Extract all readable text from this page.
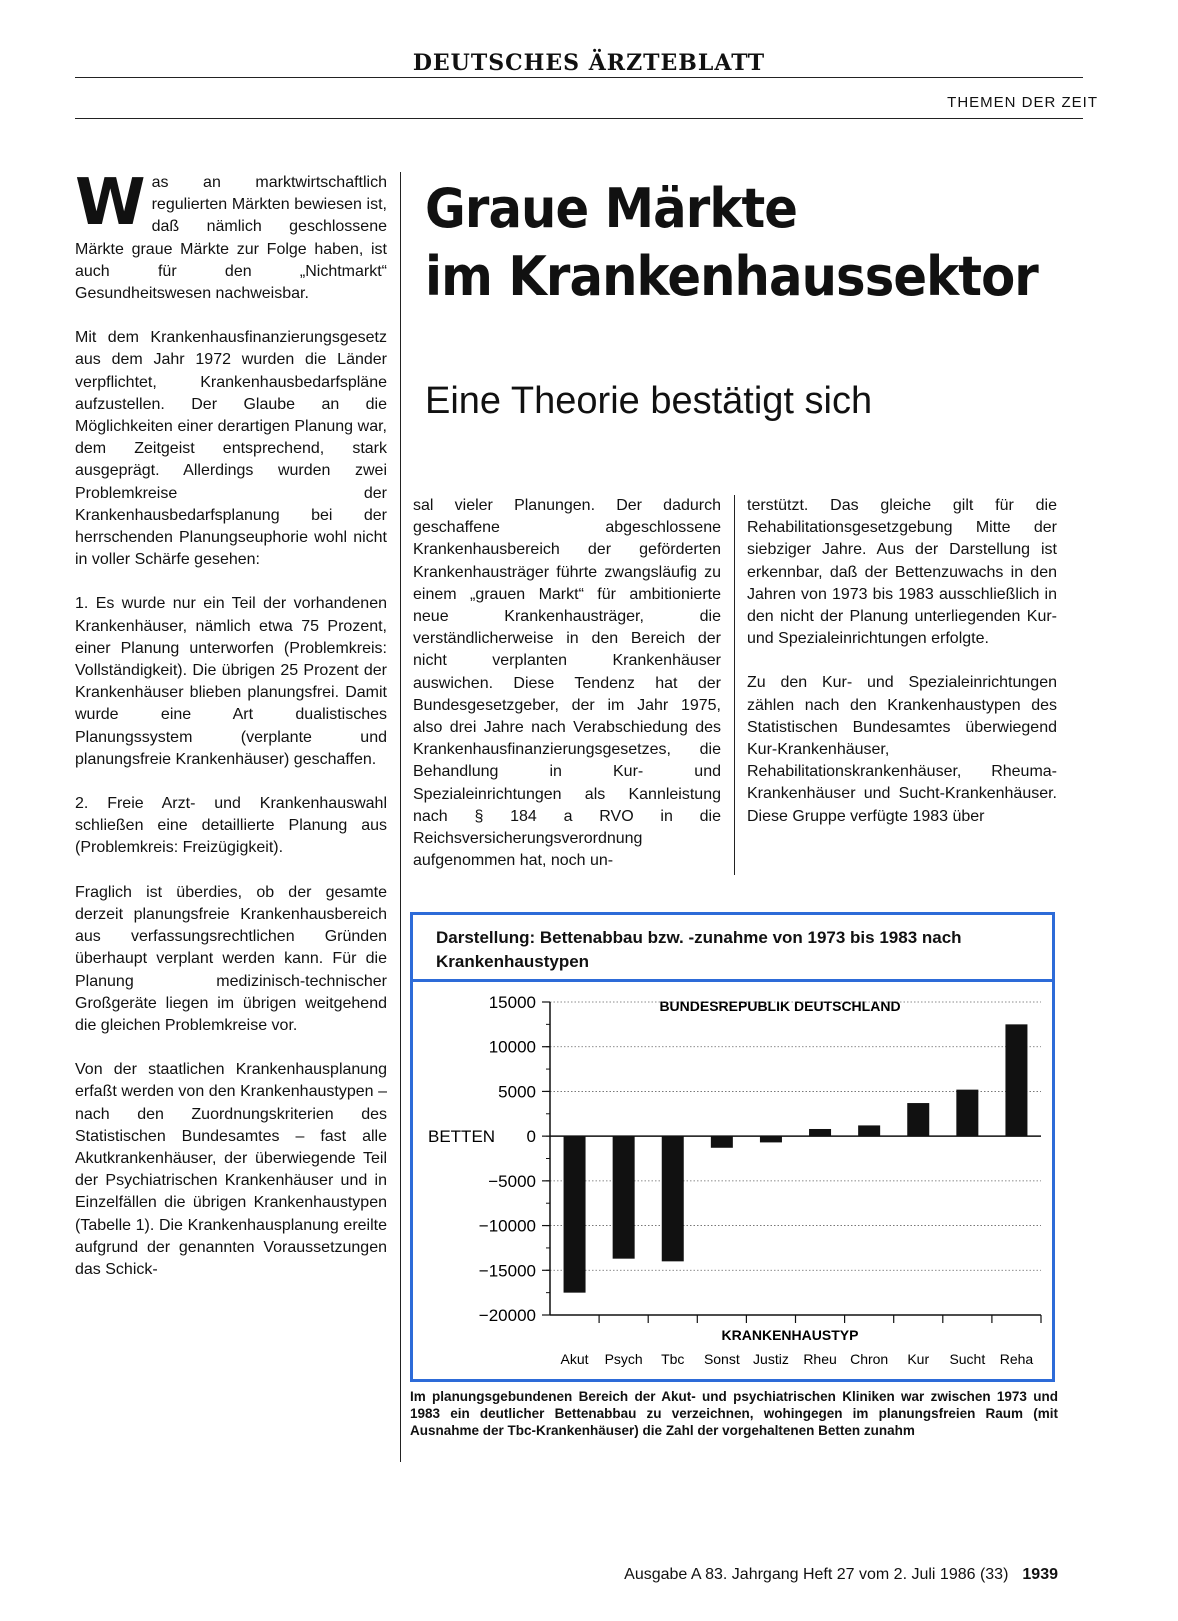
DEUTSCHES ÄRZTEBLATT
THEMEN DER ZEIT

W as an marktwirtschaftlich regulierten Märkten bewiesen ist, daß nämlich geschlossene Märkte graue Märkte zur Folge haben, ist auch für den „Nichtmarkt“ Gesundheitswesen nachweisbar.

Mit dem Krankenhausfinanzierungsgesetz aus dem Jahr 1972 wurden die Länder verpflichtet, Krankenhausbedarfspläne aufzustellen. Der Glaube an die Möglichkeiten einer derartigen Planung war, dem Zeitgeist entsprechend, stark ausgeprägt. Allerdings wurden zwei Problemkreise der Krankenhausbedarfsplanung bei der herrschenden Planungseuphorie wohl nicht in voller Schärfe gesehen:

1. Es wurde nur ein Teil der vorhandenen Krankenhäuser, nämlich etwa 75 Prozent, einer Planung unterworfen (Problemkreis: Vollständigkeit). Die übrigen 25 Prozent der Krankenhäuser blieben planungsfrei. Damit wurde eine Art dualistisches Planungssystem (verplante und planungsfreie Krankenhäuser) geschaffen.

2. Freie Arzt- und Krankenhauswahl schließen eine detaillierte Planung aus (Problemkreis: Freizügigkeit).

Fraglich ist überdies, ob der gesamte derzeit planungsfreie Krankenhausbereich aus verfassungsrechtlichen Gründen überhaupt verplant werden kann. Für die Planung medizinisch-technischer Großgeräte liegen im übrigen weitgehend die gleichen Problemkreise vor.

Von der staatlichen Krankenhausplanung erfaßt werden von den Krankenhaustypen – nach den Zuordnungskriterien des Statistischen Bundesamtes – fast alle Akutkrankenhäuser, der überwiegende Teil der Psychiatrischen Krankenhäuser und in Einzelfällen die übrigen Krankenhaustypen (Tabelle 1). Die Krankenhausplanung ereilte aufgrund der genannten Voraussetzungen das Schick-

Graue Märkte
im Krankenhaussektor
Eine Theorie bestätigt sich

sal vieler Planungen. Der dadurch geschaffene abgeschlossene Krankenhausbereich der geförderten Krankenhausträger führte zwangsläufig zu einem „grauen Markt“ für ambitionierte neue Krankenhausträger, die verständlicherweise in den Bereich der nicht verplanten Krankenhäuser auswichen. Diese Tendenz hat der Bundesgesetzgeber, der im Jahr 1975, also drei Jahre nach Verabschiedung des Krankenhausfinanzierungsgesetzes, die Behandlung in Kur- und Spezialeinrichtungen als Kannleistung nach § 184 a RVO in die Reichsversicherungsverordnung aufgenommen hat, noch un-

terstützt. Das gleiche gilt für die Rehabilitationsgesetzgebung Mitte der siebziger Jahre. Aus der Darstellung ist erkennbar, daß der Bettenzuwachs in den Jahren von 1973 bis 1983 ausschließlich in den nicht der Planung unterliegenden Kur- und Spezialeinrichtungen erfolgte.

Zu den Kur- und Spezialeinrichtungen zählen nach den Krankenhaustypen des Statistischen Bundesamtes überwiegend Kur-Krankenhäuser, Rehabilitationskrankenhäuser, Rheuma-Krankenhäuser und Sucht-Krankenhäuser. Diese Gruppe verfügte 1983 über

Darstellung: Bettenabbau bzw. -zunahme von 1973 bis 1983 nach Krankenhaustypen
BUNDESREPUBLIK DEUTSCHLAND
BETTEN
KRANKENHAUSTYP
15000
10000
5000
0
−5000
−10000
−15000
−20000
Akut Psych Tbc Sonst Justiz Rheu Chron Kur Sucht Reha
Im planungsgebundenen Bereich der Akut- und psychiatrischen Kliniken war zwischen 1973 und 1983 ein deutlicher Bettenabbau zu verzeichnen, wohingegen im planungsfreien Raum (mit Ausnahme der Tbc-Krankenhäuser) die Zahl der vorgehaltenen Betten zunahm
Ausgabe A 83. Jahrgang Heft 27 vom 2. Juli 1986 (33) 1939
